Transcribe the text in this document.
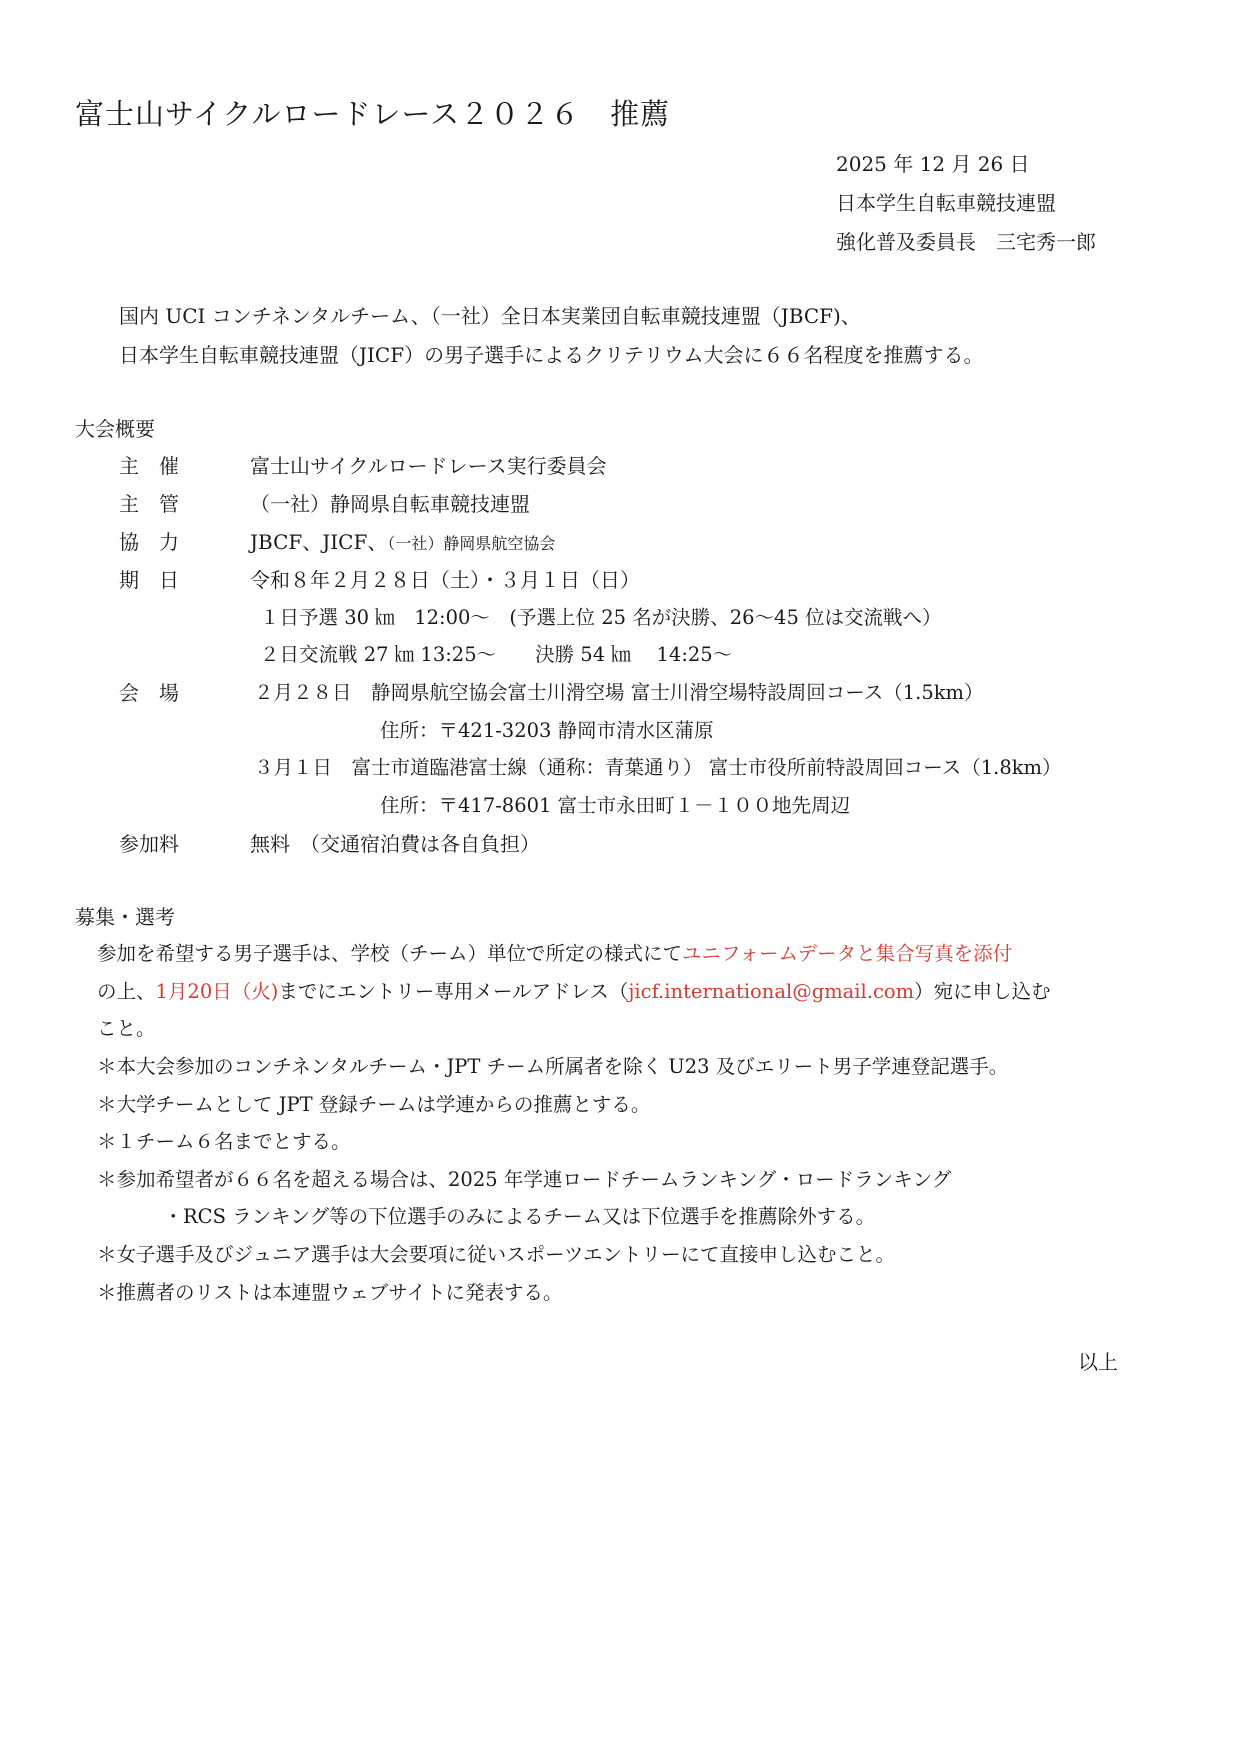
富士山サイクルロードレース２０２６　推薦
2025 年 12 月 26 日
日本学生自転車競技連盟
強化普及委員長　三宅秀一郎
国内 UCI コンチネンタルチーム、（一社）全日本実業団自転車競技連盟（JBCF)、
日本学生自転車競技連盟（JICF）の男子選手によるクリテリウム大会に６６名程度を推薦する。
大会概要
主　催	富士山サイクルロードレース実行委員会
主　管	（一社）静岡県自転車競技連盟
協　力	JBCF、JICF、（一社）静岡県航空協会
期　日	令和８年２月２８日（土）・３月１日（日）
１日予選 30 ㎞　12:00～　(予選上位 25 名が決勝、26～45 位は交流戦へ）
２日交流戦 27 ㎞ 13:25～　　決勝 54 ㎞　 14:25～
会　場	２月２８日　静岡県航空協会富士川滑空場 富士川滑空場特設周回コース（1.5km）
住所：〒421-3203 静岡市清水区蒲原
３月１日　富士市道臨港富士線（通称：青葉通り） 富士市役所前特設周回コース（1.8km）
住所：〒417-8601 富士市永田町１－１００地先周辺
参加料	無料　（交通宿泊費は各自負担）
募集・選考
参加を希望する男子選手は、学校（チーム）単位で所定の様式にてユニフォームデータと集合写真を添付
の上、1月20日（火)までにエントリー専用メールアドレス（jicf.international@gmail.com）宛に申し込む
こと。
＊本大会参加のコンチネンタルチーム・JPT チーム所属者を除く U23 及びエリート男子学連登記選手。
＊大学チームとして JPT 登録チームは学連からの推薦とする。
＊１チーム６名までとする。
＊参加希望者が６６名を超える場合は、2025 年学連ロードチームランキング・ロードランキング
　・RCS ランキング等の下位選手のみによるチーム又は下位選手を推薦除外する。
＊女子選手及びジュニア選手は大会要項に従いスポーツエントリーにて直接申し込むこと。
＊推薦者のリストは本連盟ウェブサイトに発表する。
以上
